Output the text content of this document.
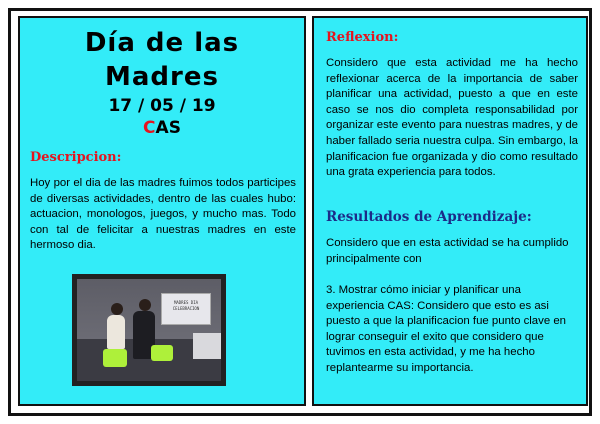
Día de las
Madres
17 / 05 / 19
CAS
Descripcion:
Hoy por el dia de las madres fuimos todos participes de diversas actividades, dentro de las cuales hubo: actuacion, monologos, juegos, y mucho mas. Todo con tal de felicitar a nuestras madres en este hermoso dia.
MADRES DIA CELEBRACION
Reflexion:
Considero que esta actividad me ha hecho reflexionar acerca de la importancia de saber planificar una actividad, puesto a que en este caso se nos dio completa responsabilidad por organizar este evento para nuestras madres, y de haber fallado seria nuestra culpa. Sin embargo, la planificacion fue organizada y dio como resultado una grata experiencia para todos.
Resultados de Aprendizaje:
Considero que en esta actividad se ha cumplido principalmente con
3. Mostrar cómo iniciar y planificar una experiencia CAS: Considero que esto es asi puesto a que la planificacion fue punto clave en lograr conseguir el exito que considero que tuvimos en esta actividad, y me ha hecho replantearme su importancia.
